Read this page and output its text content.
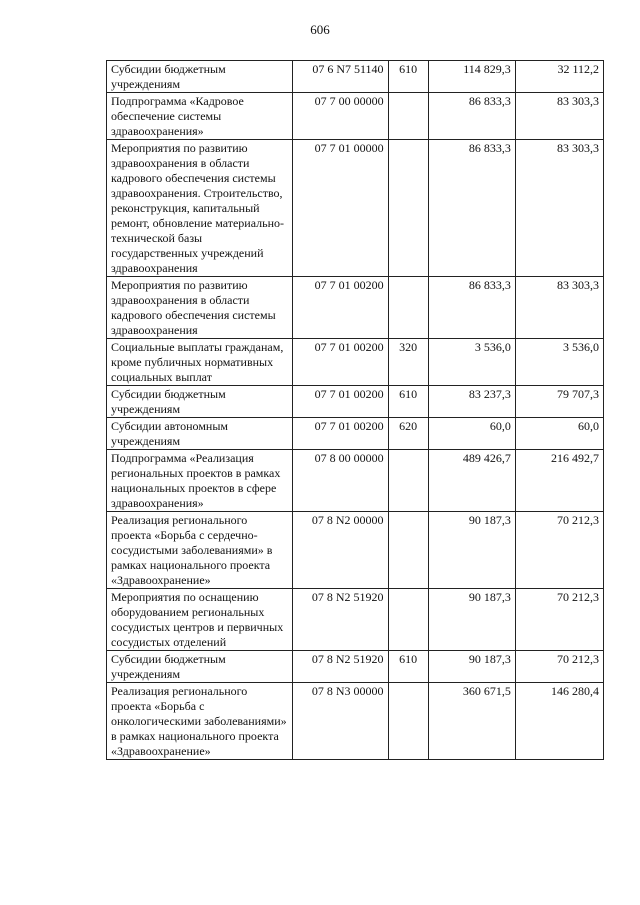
606
Субсидии бюджетным учреждениям	07 6 N7 51140	610	114 829,3	32 112,2
Подпрограмма «Кадровое обеспечение системы здравоохранения»	07 7 00 00000		86 833,3	83 303,3
Мероприятия по развитию здравоохранения в области кадрового обеспечения системы здравоохранения. Строительство, реконструкция, капитальный ремонт, обновление материально-технической базы государственных учреждений здравоохранения	07 7 01 00000		86 833,3	83 303,3
Мероприятия по развитию здравоохранения в области кадрового обеспечения системы здравоохранения	07 7 01 00200		86 833,3	83 303,3
Социальные выплаты гражданам, кроме публичных нормативных социальных выплат	07 7 01 00200	320	3 536,0	3 536,0
Субсидии бюджетным учреждениям	07 7 01 00200	610	83 237,3	79 707,3
Субсидии автономным учреждениям	07 7 01 00200	620	60,0	60,0
Подпрограмма «Реализация региональных проектов в рамках национальных проектов в сфере здравоохранения»	07 8 00 00000		489 426,7	216 492,7
Реализация регионального проекта «Борьба с сердечно-сосудистыми заболеваниями» в рамках национального проекта «Здравоохранение»	07 8 N2 00000		90 187,3	70 212,3
Мероприятия по оснащению оборудованием региональных сосудистых центров и первичных сосудистых отделений	07 8 N2 51920		90 187,3	70 212,3
Субсидии бюджетным учреждениям	07 8 N2 51920	610	90 187,3	70 212,3
Реализация регионального проекта «Борьба с онкологическими заболеваниями» в рамках национального проекта «Здравоохранение»	07 8 N3 00000		360 671,5	146 280,4
